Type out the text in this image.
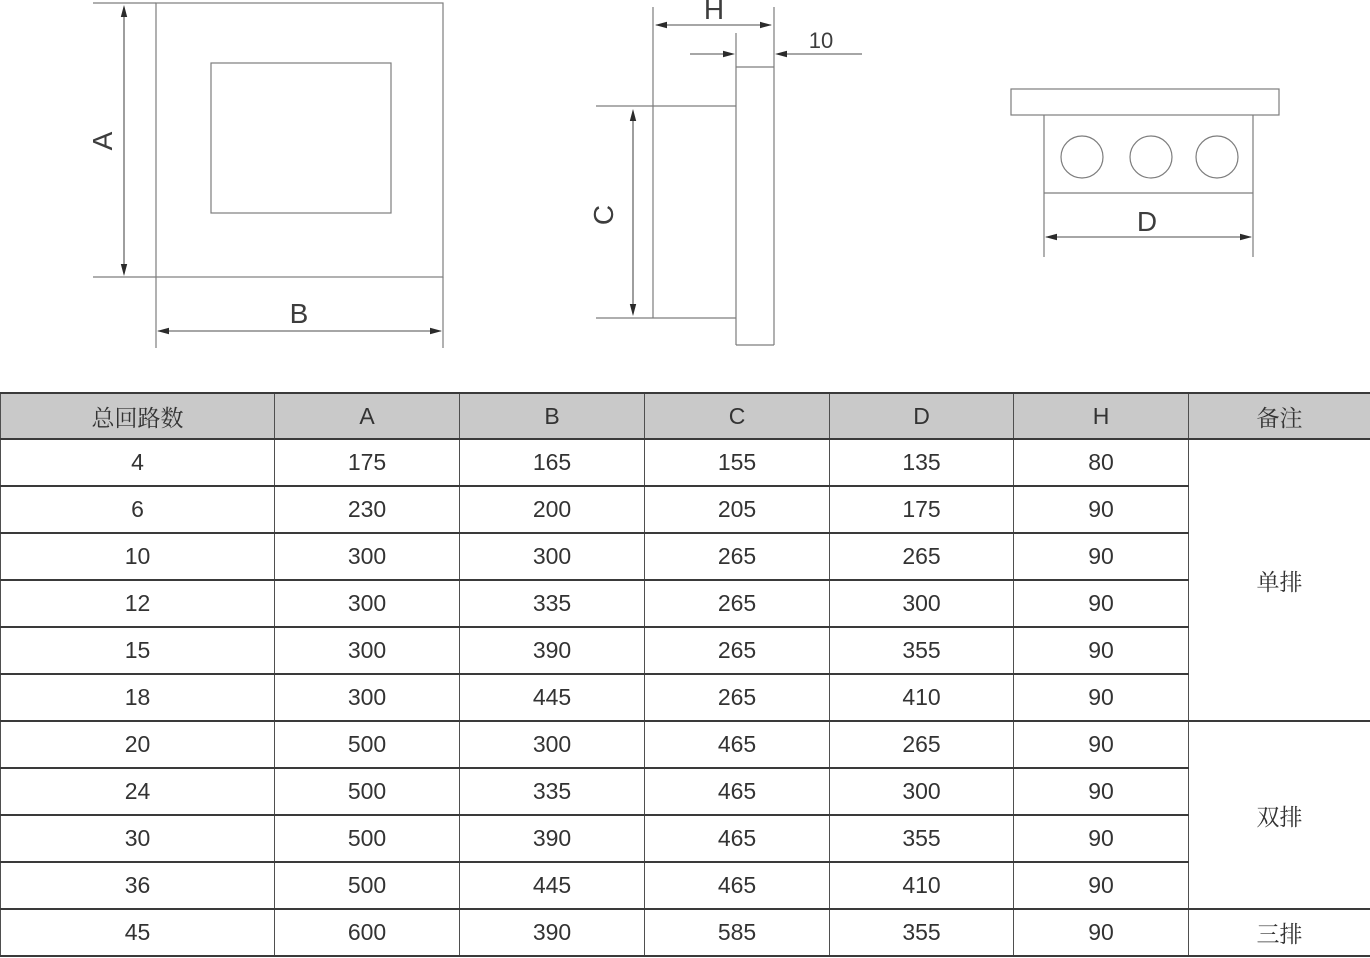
A
B
H
10
C	D
总回路数	A	B	C	D	H	备注
4	175	165	155	135	80	单排
6	230	200	205	175	90	
10	300	300	265	265	90	
12	300	335	265	300	90	
15	300	390	265	355	90	
18	300	445	265	410	90	
20	500	300	465	265	90	双排
24	500	335	465	300	90	
30	500	390	465	355	90	
36	500	445	465	410	90	
45	600	390	585	355	90	三排
